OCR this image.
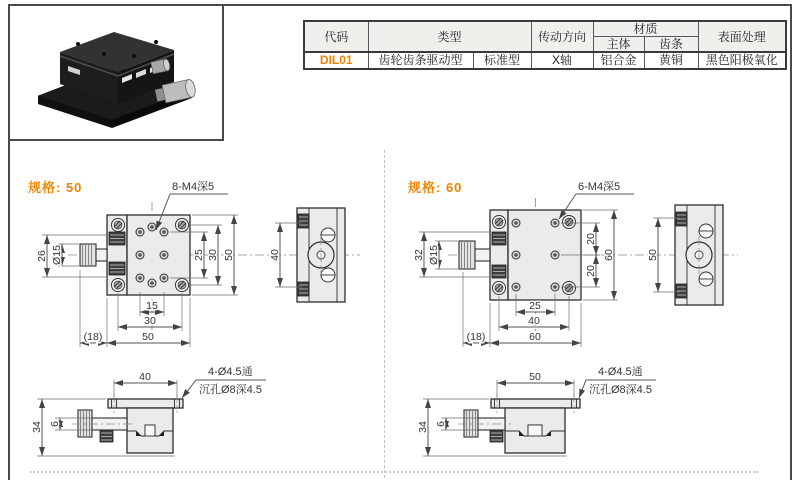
代码	类型		传动方向	材质		表面处理
				主体	齿条	
DIL01	齿轮齿条驱动型	标准型	X轴	铝合金	黄铜	黑色阳极氧化
规格: 50	规格: 60
8-M4深5
26 Ø15	25 30 50
15
30
50
(18)
40
40	4-Ø4.5通
沉孔Ø8深4.5
34 6
6-M4深5
32 Ø15
20
20
60
25
40
60
(18)
50
50	4-Ø4.5通
沉孔Ø8深4.5
34 6
